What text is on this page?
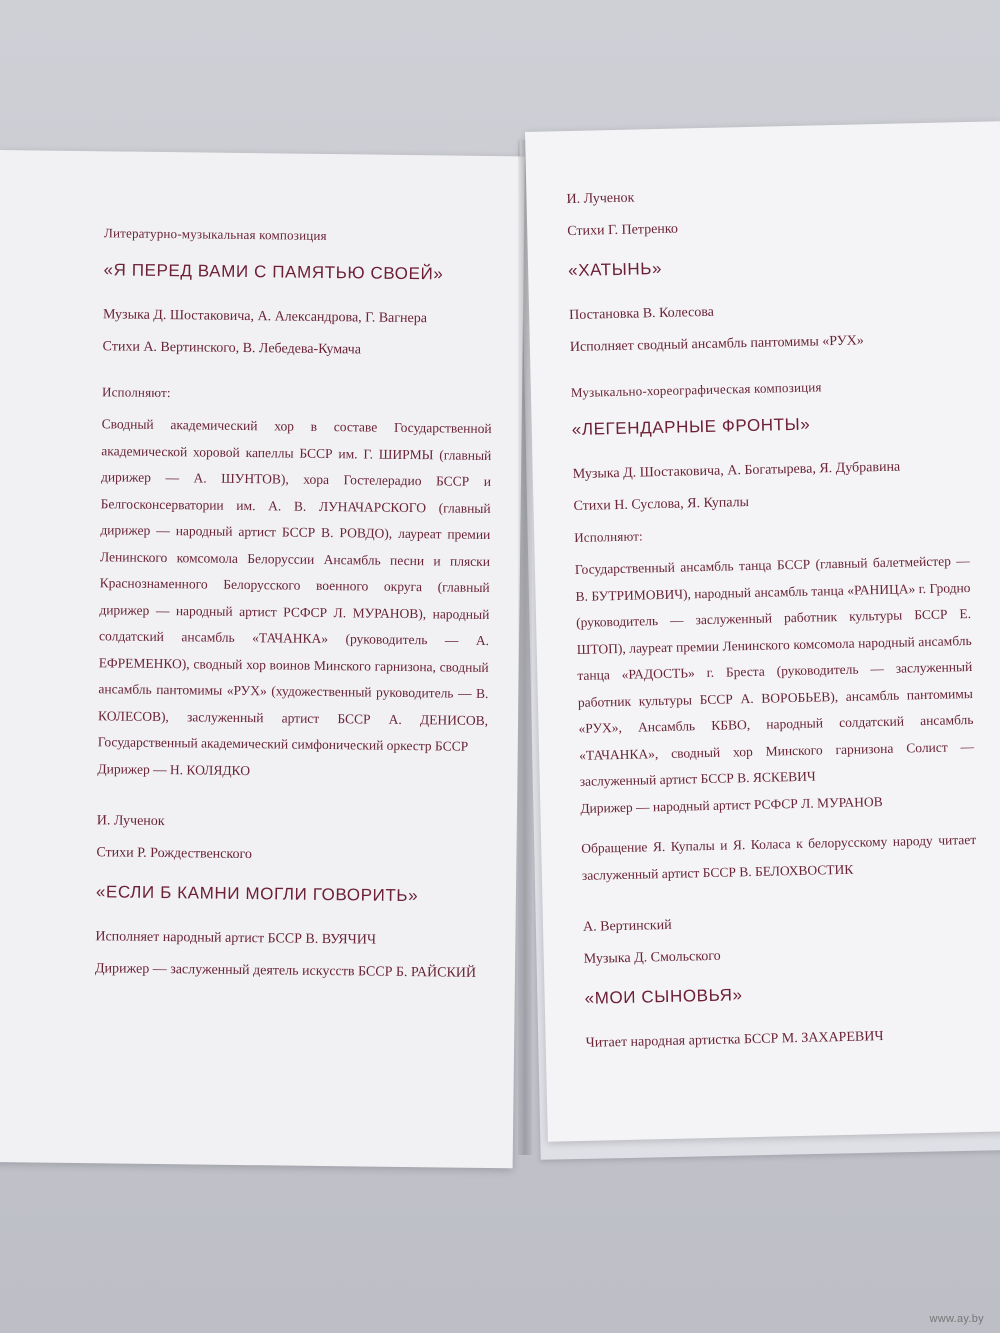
Литературно-музыкальная композиция

«Я ПЕРЕД ВАМИ С ПАМЯТЬЮ СВОЕЙ»

Музыка Д. Шостаковича, А. Александрова, Г. Вагнера

Стихи А. Вертинского, В. Лебедева-Кумача

Исполняют:

Сводный академический хор в составе Государственной академической хоровой капеллы БССР им. Г. ШИРМЫ (главный дирижер — А. ШУНТОВ), хора Гостелерадио БССР и Белгосконсерватории им. А. В. ЛУНАЧАРСКОГО (главный дирижер — народный артист БССР В. РОВДО), лауреат премии Ленинского комсомола Белоруссии Ансамбль песни и пляски Краснознаменного Белорусского военного округа (главный дирижер — народный артист РСФСР Л. МУРАНОВ), народный солдатский ансамбль «ТАЧАНКА» (руководитель — А. ЕФРЕМЕНКО), сводный хор воинов Минского гарнизона, сводный ансамбль пантомимы «РУХ» (художественный руководитель — В. КОЛЕСОВ), заслуженный артист БССР А. ДЕНИСОВ, Государственный академический симфонический оркестр БССР

Дирижер — Н. КОЛЯДКО

И. Лученок

Стихи Р. Рождественского

«ЕСЛИ Б КАМНИ МОГЛИ ГОВОРИТЬ»

Исполняет народный артист БССР В. ВУЯЧИЧ

Дирижер — заслуженный деятель искусств БССР Б. РАЙСКИЙ

И. Лученок

Стихи Г. Петренко

«ХАТЫНЬ»

Постановка В. Колесова

Исполняет сводный ансамбль пантомимы «РУХ»

Музыкально-хореографическая композиция

«ЛЕГЕНДАРНЫЕ ФРОНТЫ»

Музыка Д. Шостаковича, А. Богатырева, Я. Дубравина

Стихи Н. Суслова, Я. Купалы

Исполняют:

Государственный ансамбль танца БССР (главный балетмейстер — В. БУТРИМОВИЧ), народный ансамбль танца «РАНИЦА» г. Гродно (руководитель — заслуженный работник культуры БССР Е. ШТОП), лауреат премии Ленинского комсомола народный ансамбль танца «РАДОСТЬ» г. Бреста (руководитель — заслуженный работник культуры БССР А. ВОРОБЬЕВ), ансамбль пантомимы «РУХ», Ансамбль КБВО, народный солдатский ансамбль «ТАЧАНКА», сводный хор Минского гарнизона Солист — заслуженный артист БССР В. ЯСКЕВИЧ

Дирижер — народный артист РСФСР Л. МУРАНОВ

Обращение Я. Купалы и Я. Коласа к белорусскому народу читает заслуженный артист БССР В. БЕЛОХВОСТИК

А. Вертинский

Музыка Д. Смольского

«МОИ СЫНОВЬЯ»

Читает народная артистка БССР М. ЗАХАРЕВИЧ

www.ay.by
